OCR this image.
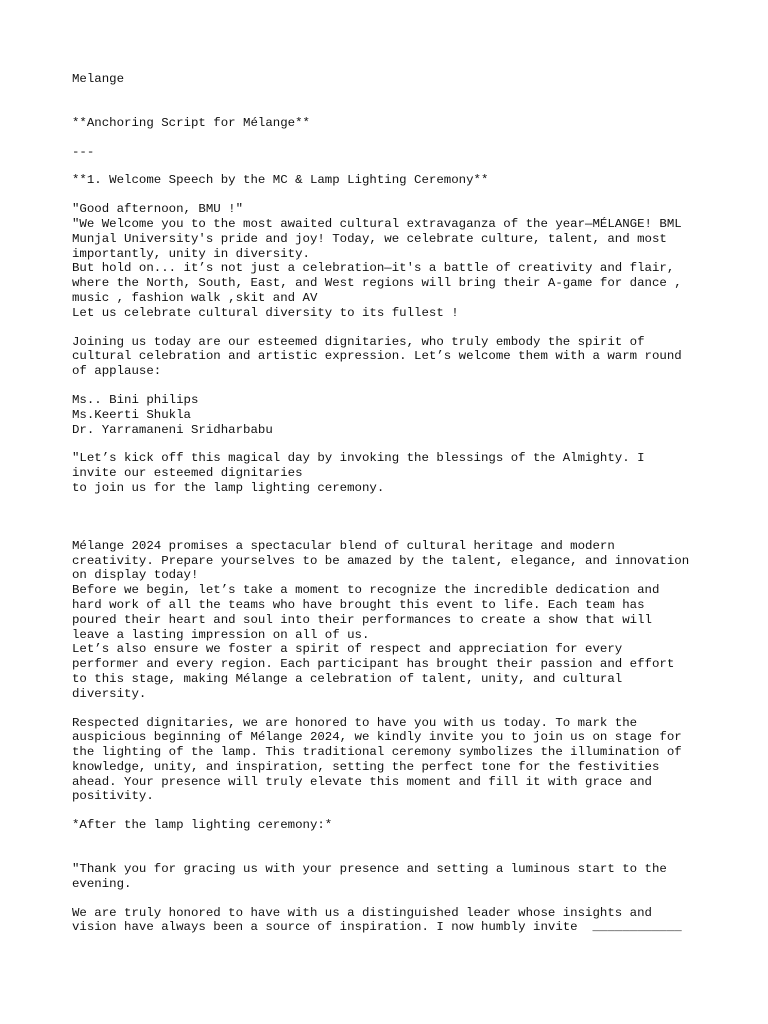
Melange

**Anchoring Script for Mélange**

---

**1. Welcome Speech by the MC & Lamp Lighting Ceremony**

"Good afternoon, BMU !"
"We Welcome you to the most awaited cultural extravaganza of the year—MÉLANGE! BML
Munjal University's pride and joy! Today, we celebrate culture, talent, and most
importantly, unity in diversity.
But hold on... it’s not just a celebration—it's a battle of creativity and flair,
where the North, South, East, and West regions will bring their A-game for dance ,
music , fashion walk ,skit and AV
Let us celebrate cultural diversity to its fullest !

Joining us today are our esteemed dignitaries, who truly embody the spirit of
cultural celebration and artistic expression. Let’s welcome them with a warm round
of applause:

Ms.. Bini philips
Ms.Keerti Shukla
Dr. Yarramaneni Sridharbabu

"Let’s kick off this magical day by invoking the blessings of the Almighty. I
invite our esteemed dignitaries
to join us for the lamp lighting ceremony.

Mélange 2024 promises a spectacular blend of cultural heritage and modern
creativity. Prepare yourselves to be amazed by the talent, elegance, and innovation
on display today!
Before we begin, let’s take a moment to recognize the incredible dedication and
hard work of all the teams who have brought this event to life. Each team has
poured their heart and soul into their performances to create a show that will
leave a lasting impression on all of us.
Let’s also ensure we foster a spirit of respect and appreciation for every
performer and every region. Each participant has brought their passion and effort
to this stage, making Mélange a celebration of talent, unity, and cultural
diversity.

Respected dignitaries, we are honored to have you with us today. To mark the
auspicious beginning of Mélange 2024, we kindly invite you to join us on stage for
the lighting of the lamp. This traditional ceremony symbolizes the illumination of
knowledge, unity, and inspiration, setting the perfect tone for the festivities
ahead. Your presence will truly elevate this moment and fill it with grace and
positivity.

*After the lamp lighting ceremony:*

"Thank you for gracing us with your presence and setting a luminous start to the
evening.

We are truly honored to have with us a distinguished leader whose insights and
vision have always been a source of inspiration. I now humbly invite  ____________
